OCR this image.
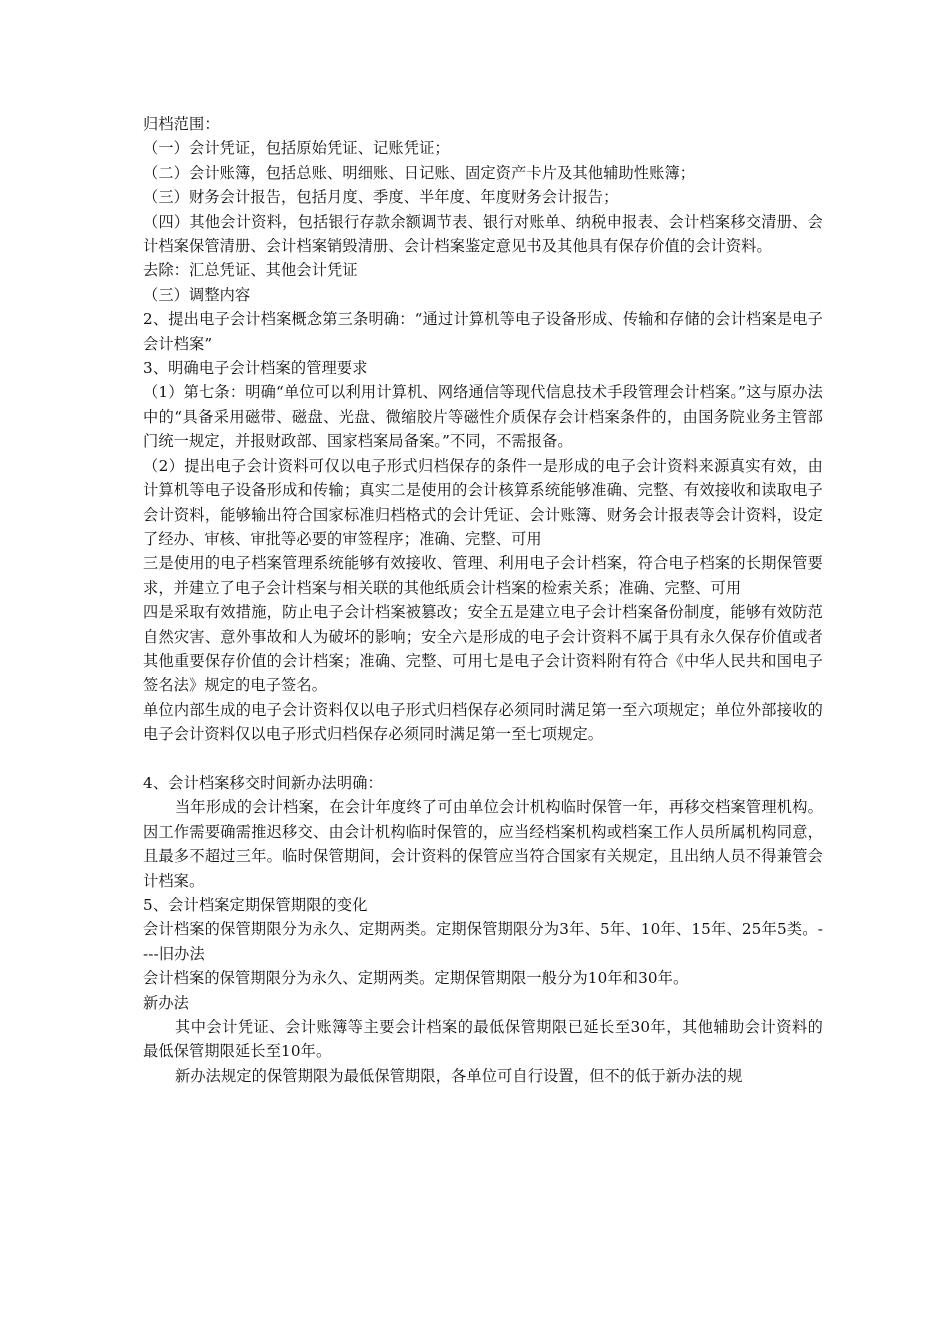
归档范围：

（一）会计凭证，包括原始凭证、记账凭证；

（二）会计账簿，包括总账、明细账、日记账、固定资产卡片及其他辅助性账簿；

（三）财务会计报告，包括月度、季度、半年度、年度财务会计报告；

（四）其他会计资料，包括银行存款余额调节表、银行对账单、纳税申报表、会计档案移交清册、会计档案保管清册、会计档案销毁清册、会计档案鉴定意见书及其他具有保存价值的会计资料。

去除：汇总凭证、其他会计凭证

（三）调整内容

2、提出电子会计档案概念第三条明确：“通过计算机等电子设备形成、传输和存储的会计档案是电子会计档案”

3、明确电子会计档案的管理要求

（1）第七条：明确“单位可以利用计算机、网络通信等现代信息技术手段管理会计档案。”这与原办法中的“具备采用磁带、磁盘、光盘、微缩胶片等磁性介质保存会计档案条件的，由国务院业务主管部门统一规定，并报财政部、国家档案局备案。”不同，不需报备。

（2）提出电子会计资料可仅以电子形式归档保存的条件一是形成的电子会计资料来源真实有效，由计算机等电子设备形成和传输；真实二是使用的会计核算系统能够准确、完整、有效接收和读取电子会计资料，能够输出符合国家标准归档格式的会计凭证、会计账簿、财务会计报表等会计资料，设定了经办、审核、审批等必要的审签程序；准确、完整、可用

三是使用的电子档案管理系统能够有效接收、管理、利用电子会计档案，符合电子档案的长期保管要求，并建立了电子会计档案与相关联的其他纸质会计档案的检索关系；准确、完整、可用

四是采取有效措施，防止电子会计档案被篡改；安全五是建立电子会计档案备份制度，能够有效防范自然灾害、意外事故和人为破坏的影响；安全六是形成的电子会计资料不属于具有永久保存价值或者其他重要保存价值的会计档案；准确、完整、可用七是电子会计资料附有符合《中华人民共和国电子签名法》规定的电子签名。

单位内部生成的电子会计资料仅以电子形式归档保存必须同时满足第一至六项规定；单位外部接收的电子会计资料仅以电子形式归档保存必须同时满足第一至七项规定。

4、会计档案移交时间新办法明确：

当年形成的会计档案，在会计年度终了可由单位会计机构临时保管一年，再移交档案管理机构。因工作需要确需推迟移交、由会计机构临时保管的，应当经档案机构或档案工作人员所属机构同意，且最多不超过三年。临时保管期间，会计资料的保管应当符合国家有关规定，且出纳人员不得兼管会计档案。

5、会计档案定期保管期限的变化

会计档案的保管期限分为永久、定期两类。定期保管期限分为3年、5年、10年、15年、25年5类。----旧办法

会计档案的保管期限分为永久、定期两类。定期保管期限一般分为10年和30年。

新办法

其中会计凭证、会计账簿等主要会计档案的最低保管期限已延长至30年，其他辅助会计资料的最低保管期限延长至10年。

新办法规定的保管期限为最低保管期限，各单位可自行设置，但不的低于新办法的规
